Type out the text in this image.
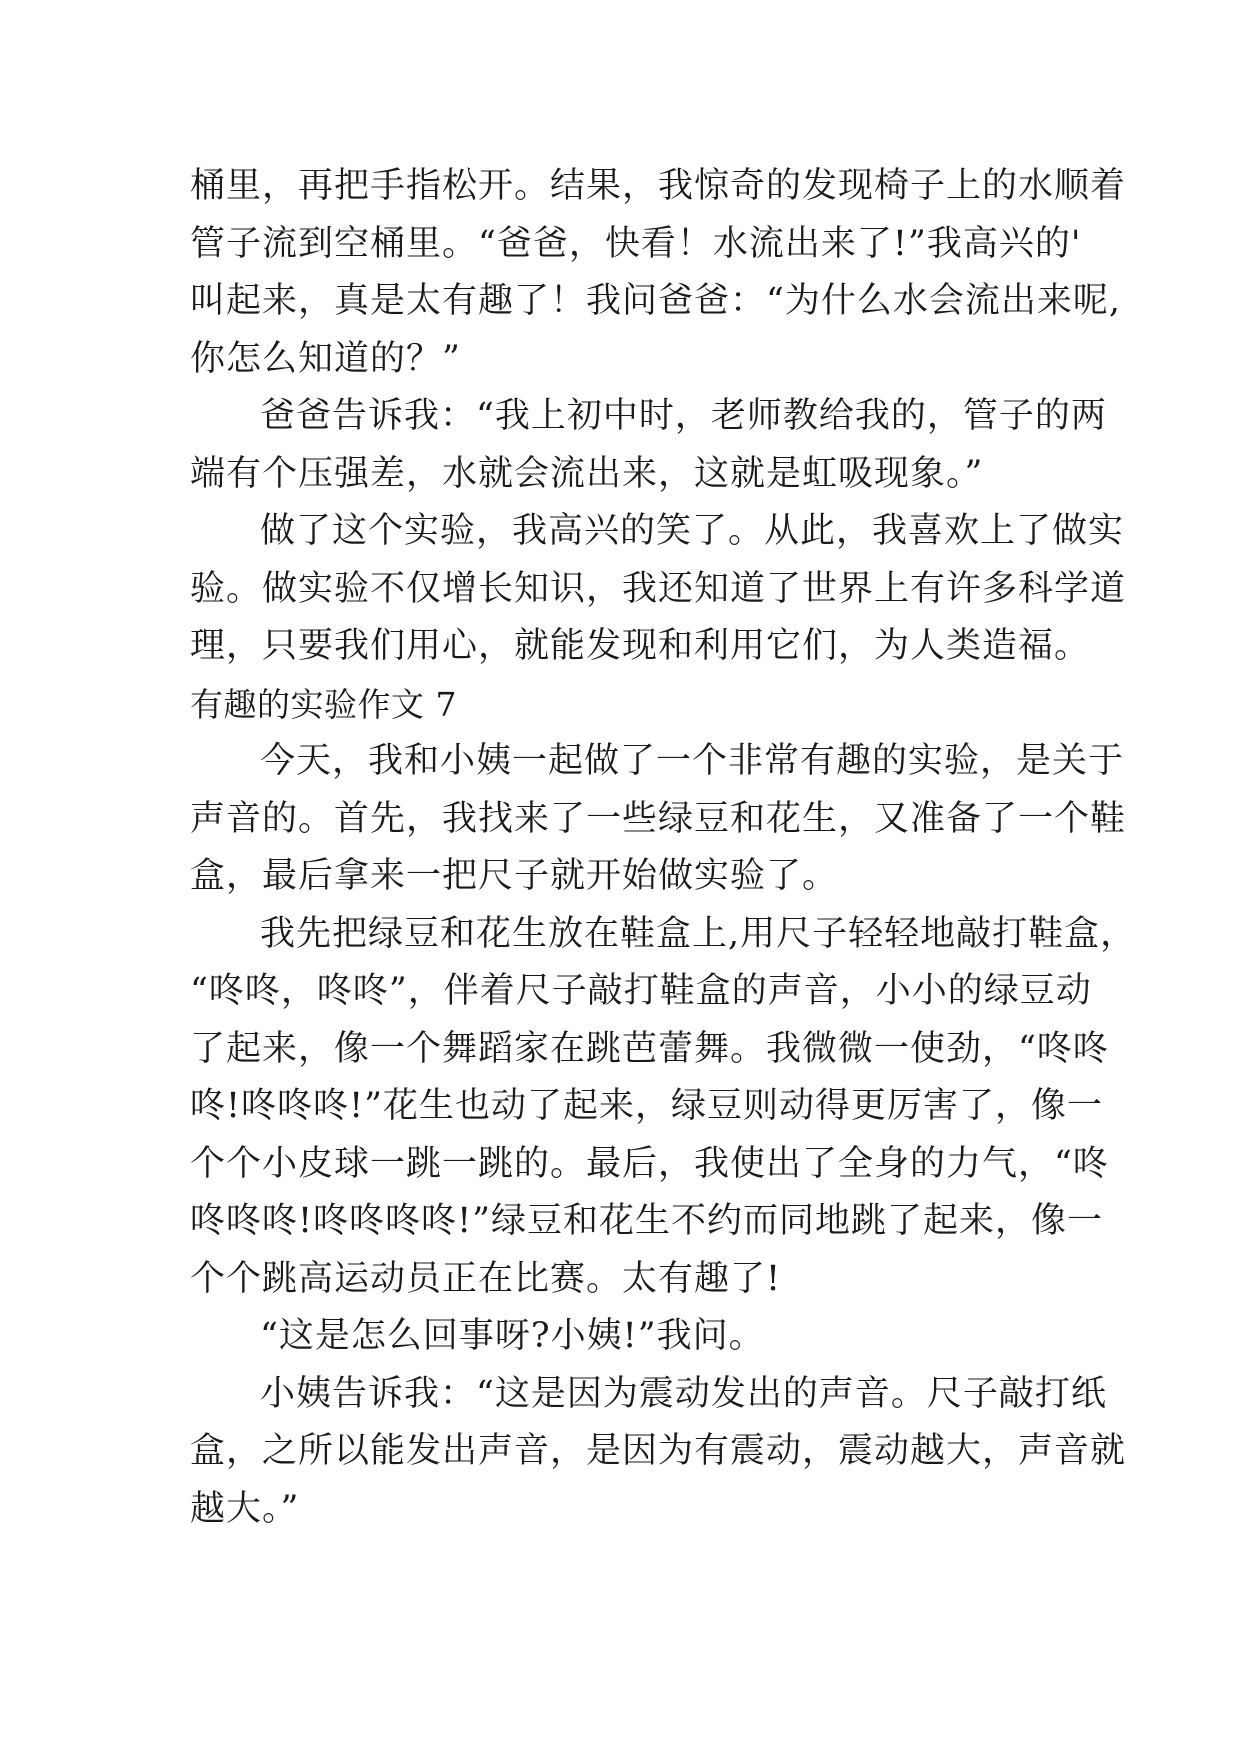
桶里，再把手指松开。结果，我惊奇的发现椅子上的水顺着
管子流到空桶里。“爸爸，快看！水流出来了!”我高兴的'
叫起来，真是太有趣了！我问爸爸：“为什么水会流出来呢,
你怎么知道的？”
爸爸告诉我：“我上初中时，老师教给我的，管子的两
端有个压强差，水就会流出来，这就是虹吸现象。”
做了这个实验，我高兴的笑了。从此，我喜欢上了做实
验。做实验不仅增长知识，我还知道了世界上有许多科学道
理，只要我们用心，就能发现和利用它们，为人类造福。
有趣的实验作文 7
今天，我和小姨一起做了一个非常有趣的实验，是关于
声音的。首先，我找来了一些绿豆和花生，又准备了一个鞋
盒，最后拿来一把尺子就开始做实验了。
我先把绿豆和花生放在鞋盒上,用尺子轻轻地敲打鞋盒，
“咚咚，咚咚”，伴着尺子敲打鞋盒的声音，小小的绿豆动
了起来，像一个舞蹈家在跳芭蕾舞。我微微一使劲，“咚咚
咚!咚咚咚!”花生也动了起来，绿豆则动得更厉害了，像一
个个小皮球一跳一跳的。最后，我使出了全身的力气，“咚
咚咚咚!咚咚咚咚!”绿豆和花生不约而同地跳了起来，像一
个个跳高运动员正在比赛。太有趣了!
“这是怎么回事呀?小姨!”我问。
小姨告诉我：“这是因为震动发出的声音。尺子敲打纸
盒，之所以能发出声音，是因为有震动，震动越大，声音就
越大。”
